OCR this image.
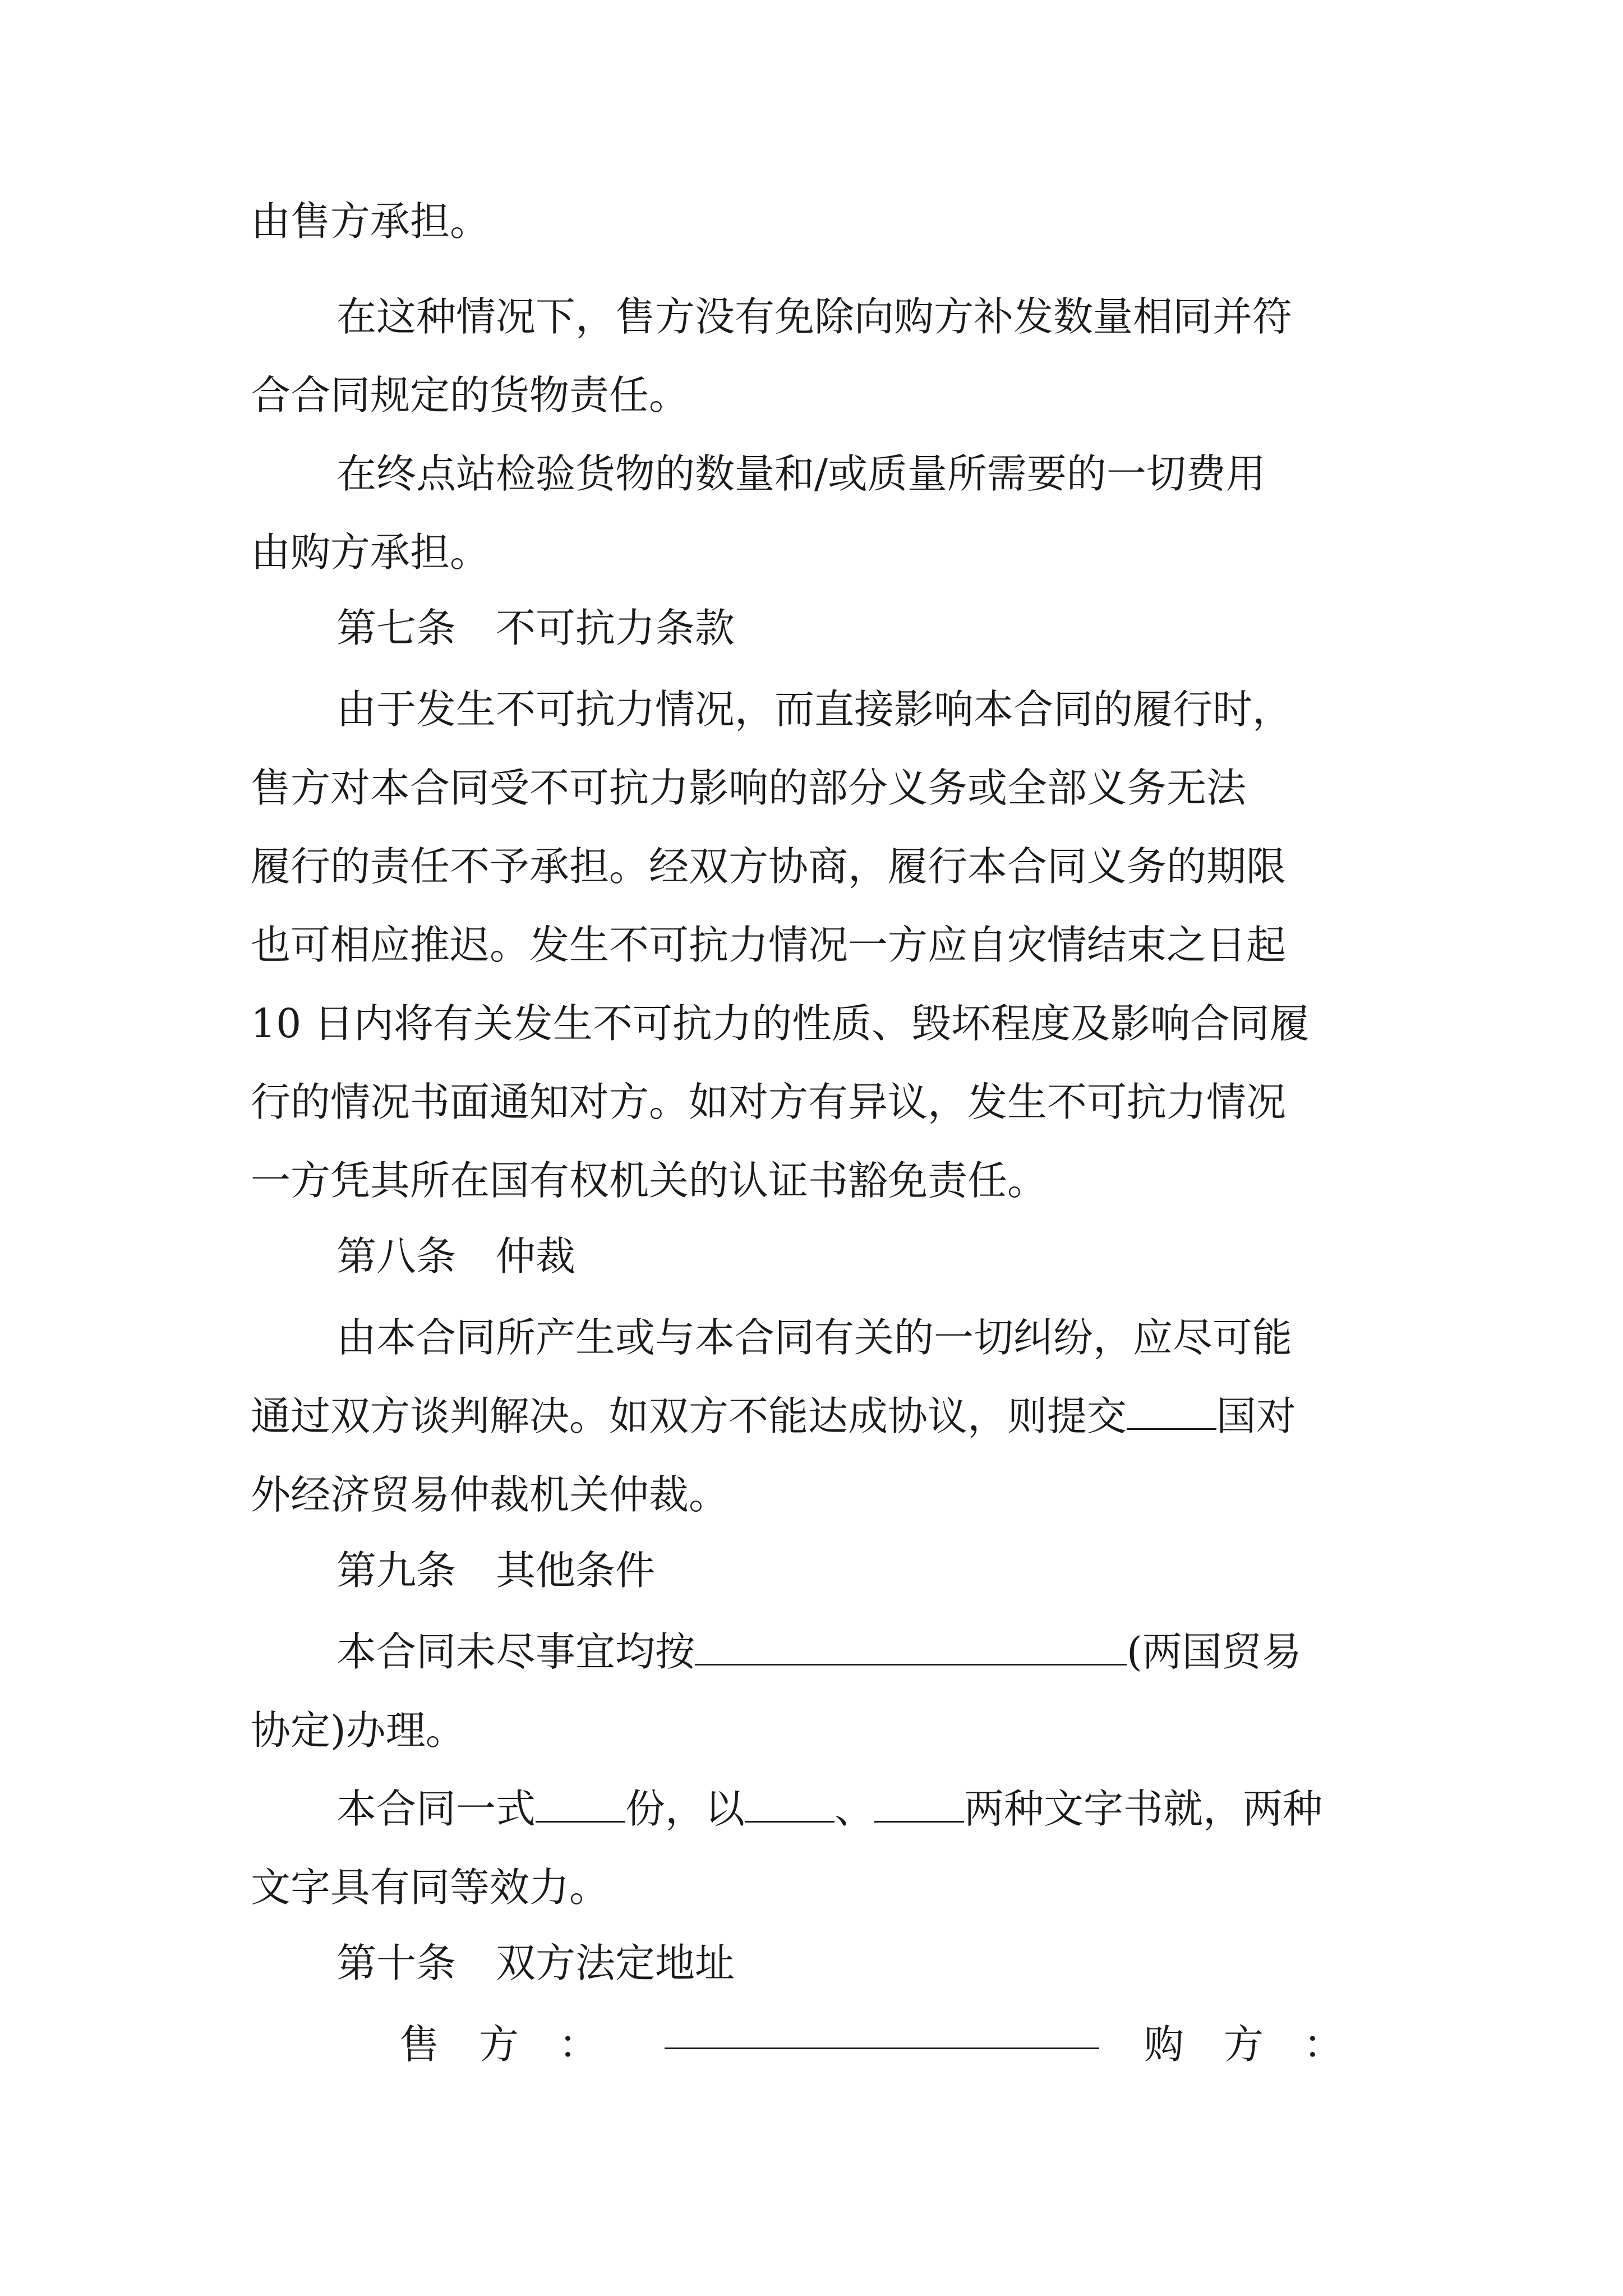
由售方承担。
在这种情况下，售方没有免除向购方补发数量相同并符
合合同规定的货物责任。
在终点站检验货物的数量和/或质量所需要的一切费用
由购方承担。
第七条　不可抗力条款
由于发生不可抗力情况，而直接影响本合同的履行时，
售方对本合同受不可抗力影响的部分义务或全部义务无法
履行的责任不予承担。经双方协商，履行本合同义务的期限
也可相应推迟。发生不可抗力情况一方应自灾情结束之日起
10 日内将有关发生不可抗力的性质、毁坏程度及影响合同履
行的情况书面通知对方。如对方有异议，发生不可抗力情况
一方凭其所在国有权机关的认证书豁免责任。
第八条　仲裁
由本合同所产生或与本合同有关的一切纠纷，应尽可能
通过双方谈判解决。如双方不能达成协议，则提交 国对
外经济贸易仲裁机关仲裁。
第九条　其他条件
本合同未尽事宜均按	(两国贸易
协定)办理。
本合同一式 份，以 、 两种文字书就，两种
文字具有同等效力。
第十条　双方法定地址
售　方　：	购　方　：
